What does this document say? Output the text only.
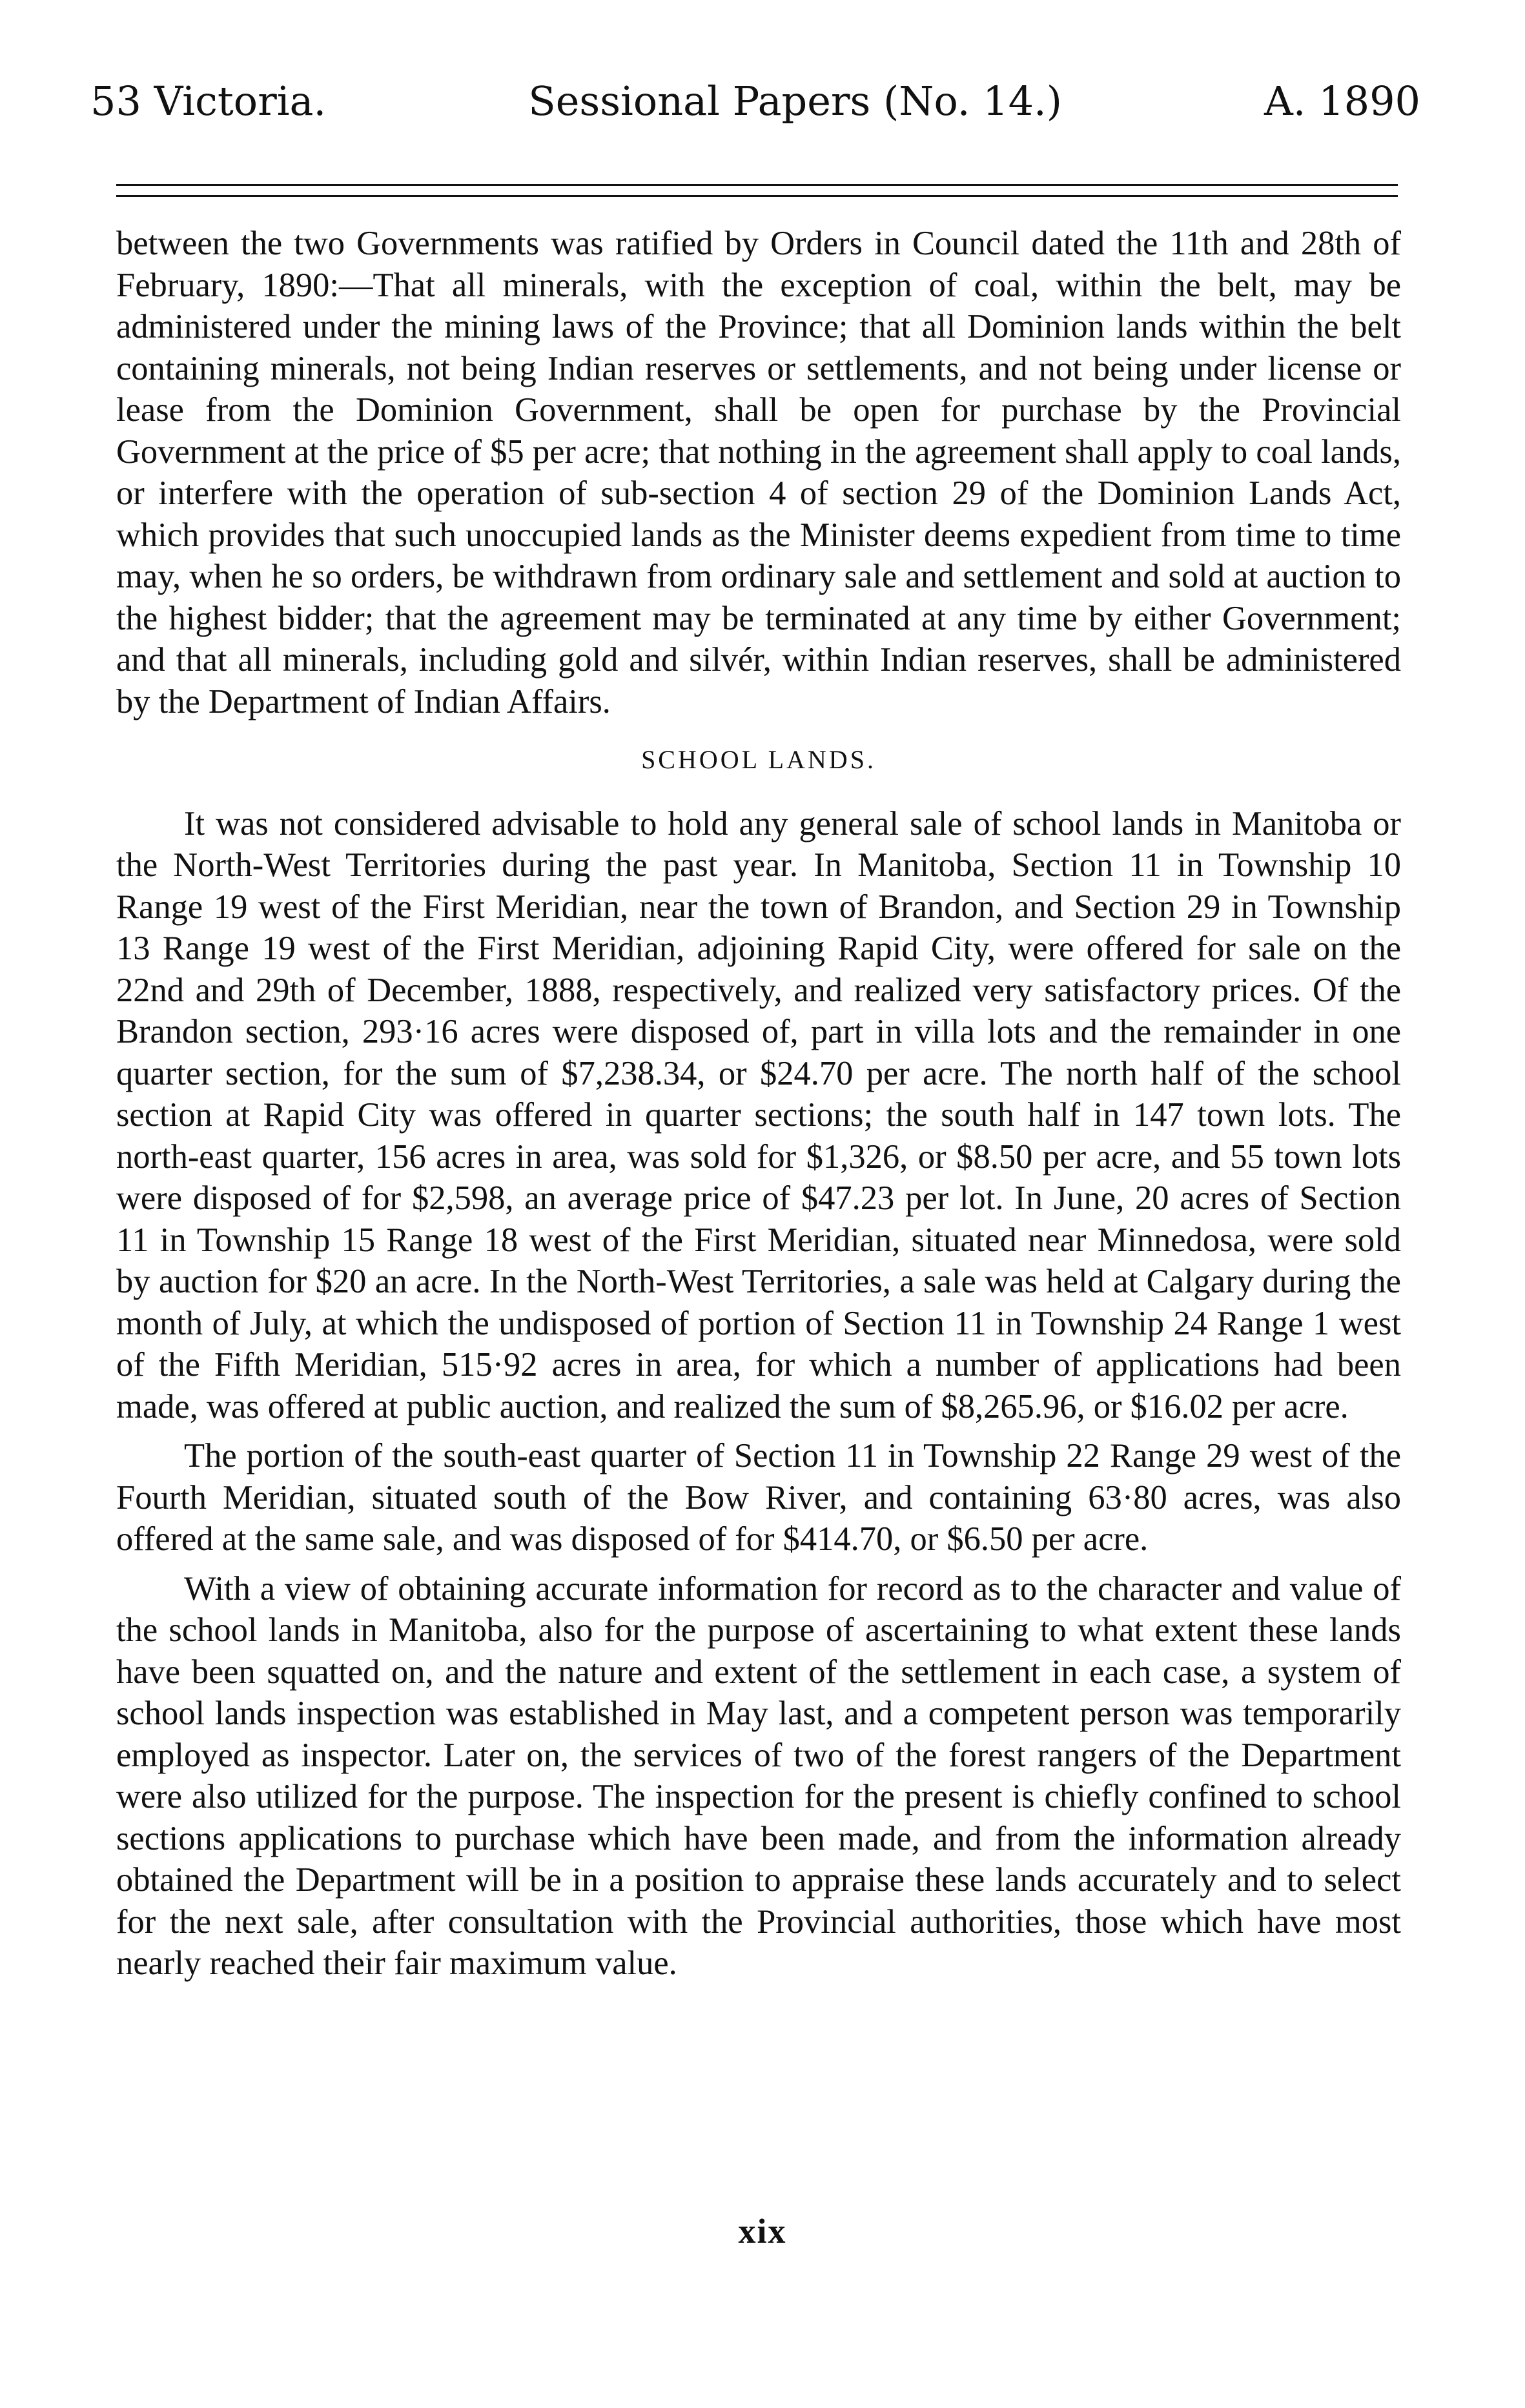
53 Victoria.	Sessional Papers (No. 14.)	A. 1890

between the two Governments was ratified by Orders in Council dated the 11th and 28th of February, 1890:—That all minerals, with the exception of coal, within the belt, may be administered under the mining laws of the Province; that all Dominion lands within the belt containing minerals, not being Indian reserves or settlements, and not being under license or lease from the Dominion Government, shall be open for purchase by the Provincial Government at the price of $5 per acre; that nothing in the agreement shall apply to coal lands, or interfere with the operation of sub-section 4 of section 29 of the Dominion Lands Act, which provides that such unoccupied lands as the Minister deems expedient from time to time may, when he so orders, be withdrawn from ordinary sale and settlement and sold at auction to the highest bidder; that the agreement may be terminated at any time by either Government; and that all minerals, including gold and silvér, within Indian reserves, shall be administered by the Department of Indian Affairs.

SCHOOL LANDS.

It was not considered advisable to hold any general sale of school lands in Manitoba or the North-West Territories during the past year. In Manitoba, Section 11 in Township 10 Range 19 west of the First Meridian, near the town of Brandon, and Section 29 in Township 13 Range 19 west of the First Meridian, adjoining Rapid City, were offered for sale on the 22nd and 29th of December, 1888, respectively, and realized very satisfactory prices. Of the Brandon section, 293·16 acres were disposed of, part in villa lots and the remainder in one quarter section, for the sum of $7,238.34, or $24.70 per acre. The north half of the school section at Rapid City was offered in quarter sections; the south half in 147 town lots. The north-east quarter, 156 acres in area, was sold for $1,326, or $8.50 per acre, and 55 town lots were disposed of for $2,598, an average price of $47.23 per lot. In June, 20 acres of Section 11 in Township 15 Range 18 west of the First Meridian, situated near Minnedosa, were sold by auction for $20 an acre. In the North-West Territories, a sale was held at Calgary during the month of July, at which the undisposed of portion of Section 11 in Township 24 Range 1 west of the Fifth Meridian, 515·92 acres in area, for which a number of applications had been made, was offered at public auction, and realized the sum of $8,265.96, or $16.02 per acre.

The portion of the south-east quarter of Section 11 in Township 22 Range 29 west of the Fourth Meridian, situated south of the Bow River, and containing 63·80 acres, was also offered at the same sale, and was disposed of for $414.70, or $6.50 per acre.

With a view of obtaining accurate information for record as to the character and value of the school lands in Manitoba, also for the purpose of ascertaining to what extent these lands have been squatted on, and the nature and extent of the settlement in each case, a system of school lands inspection was established in May last, and a competent person was temporarily employed as inspector. Later on, the services of two of the forest rangers of the Department were also utilized for the purpose. The inspection for the present is chiefly confined to school sections applications to purchase which have been made, and from the information already obtained the Department will be in a position to appraise these lands accurately and to select for the next sale, after consultation with the Provincial authorities, those which have most nearly reached their fair maximum value.

xix
